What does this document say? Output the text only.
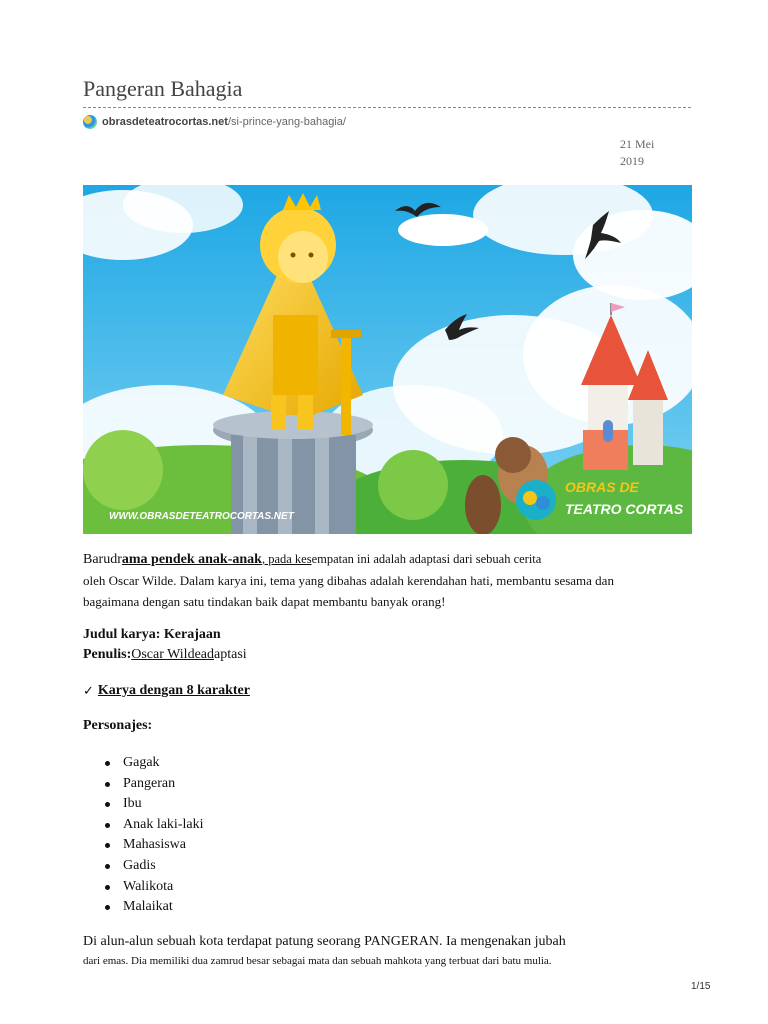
Pangeran Bahagia
obrasdeteatrocortas.net /si-prince-yang-bahagia/
21 Mei
2019
WWW.OBRASDETEATROCORTAS.NET
OBRAS DE
TEATRO CORTAS
Barudrama pendek anak-anak, pada kesempatan ini adalah adaptasi dari sebuah cerita
oleh Oscar Wilde. Dalam karya ini, tema yang dibahas adalah kerendahan hati, membantu sesama dan
bagaimana dengan satu tindakan baik dapat membantu banyak orang!
Judul karya: Kerajaan
Penulis:Oscar Wildeadaptasi
✓ Karya dengan 8 karakter
Personajes:
Gagak
Pangeran
Ibu
Anak laki-laki
Mahasiswa
Gadis
Walikota
Malaikat
Di alun-alun sebuah kota terdapat patung seorang PANGERAN. Ia mengenakan jubah
dari emas. Dia memiliki dua zamrud besar sebagai mata dan sebuah mahkota yang terbuat dari batu mulia.
1/15
